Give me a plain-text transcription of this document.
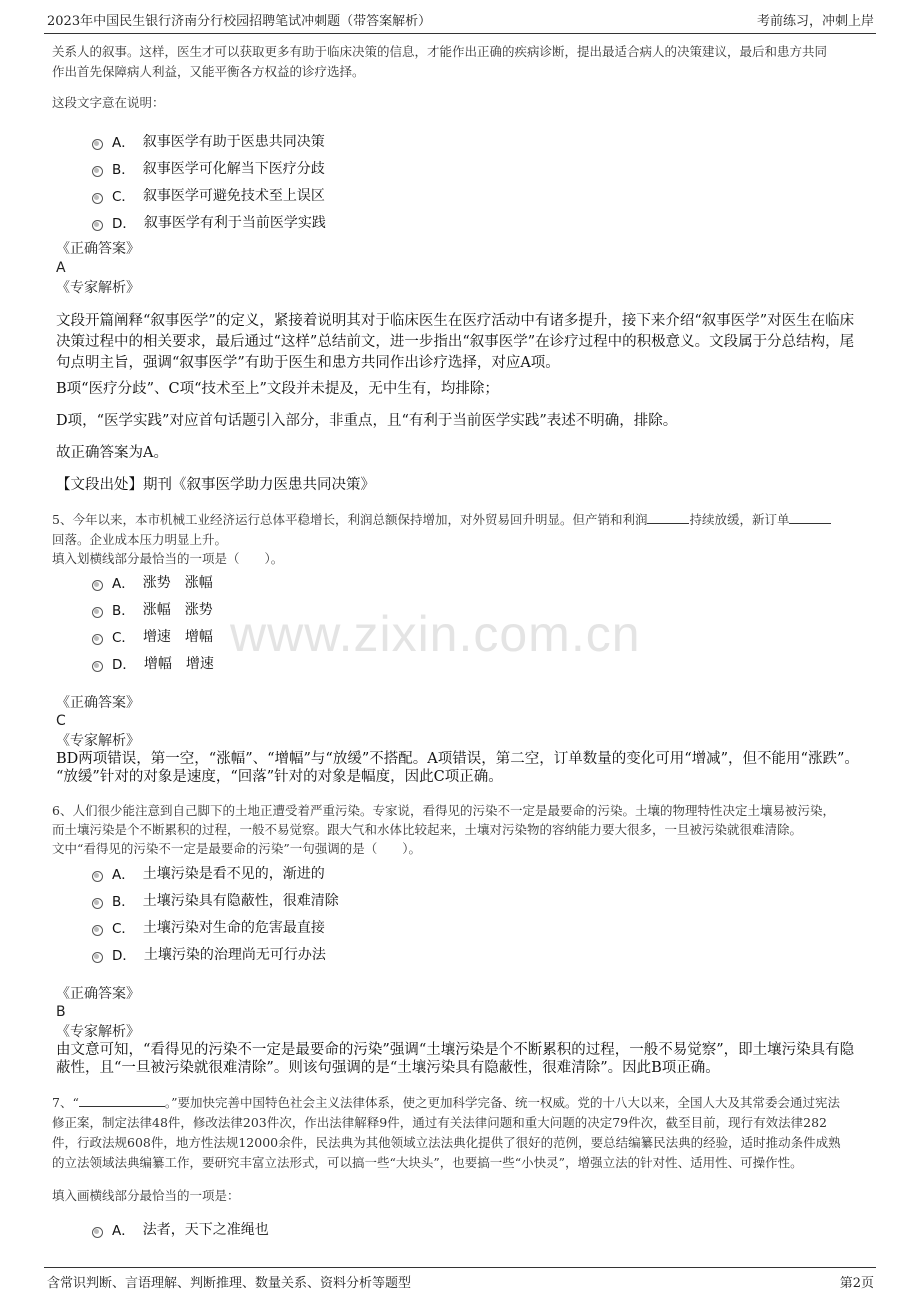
2023年中国民生银行济南分行校园招聘笔试冲刺题（带答案解析）	考前练习，冲刺上岸
www.zixin.com.cn
关系人的叙事。这样，医生才可以获取更多有助于临床决策的信息，才能作出正确的疾病诊断，提出最适合病人的决策建议，最后和患方共同
作出首先保障病人利益，又能平衡各方权益的诊疗选择。
这段文字意在说明：
A． 叙事医学有助于医患共同决策
B． 叙事医学可化解当下医疗分歧
C． 叙事医学可避免技术至上误区
D． 叙事医学有利于当前医学实践
《正确答案》
A
《专家解析》
文段开篇阐释“叙事医学”的定义，紧接着说明其对于临床医生在医疗活动中有诸多提升，接下来介绍“叙事医学”对医生在临床
决策过程中的相关要求，最后通过“这样”总结前文，进一步指出“叙事医学”在诊疗过程中的积极意义。文段属于分总结构，尾
句点明主旨，强调“叙事医学”有助于医生和患方共同作出诊疗选择，对应A项。
B项“医疗分歧”、C项“技术至上”文段并未提及，无中生有，均排除；
D项，“医学实践”对应首句话题引入部分，非重点，且“有利于当前医学实践”表述不明确，排除。
故正确答案为A。
【文段出处】期刊《叙事医学助力医患共同决策》
5、今年以来，本市机械工业经济运行总体平稳增长，利润总额保持增加，对外贸易回升明显。但产销和利润	持续放缓，新订单
回落。企业成本压力明显上升。
填入划横线部分最恰当的一项是（　　）。
A． 涨势　涨幅
B． 涨幅　涨势
C． 增速　增幅
D． 增幅　增速
《正确答案》
C
《专家解析》
BD两项错误，第一空，“涨幅”、“增幅”与“放缓”不搭配。A项错误，第二空，订单数量的变化可用“增减”，但不能用“涨跌”。
“放缓”针对的对象是速度，“回落”针对的对象是幅度，因此C项正确。
6、人们很少能注意到自己脚下的土地正遭受着严重污染。专家说，看得见的污染不一定是最要命的污染。土壤的物理特性决定土壤易被污染，
而土壤污染是个不断累积的过程，一般不易觉察。跟大气和水体比较起来，土壤对污染物的容纳能力要大很多，一旦被污染就很难清除。
文中“看得见的污染不一定是最要命的污染”一句强调的是（　　）。
A． 土壤污染是看不见的，渐进的
B． 土壤污染具有隐蔽性，很难清除
C． 土壤污染对生命的危害最直接
D． 土壤污染的治理尚无可行办法
《正确答案》
B
《专家解析》
由文意可知，“看得见的污染不一定是最要命的污染”强调“土壤污染是个不断累积的过程，一般不易觉察”，即土壤污染具有隐
蔽性，且“一旦被污染就很难清除”。则该句强调的是“土壤污染具有隐蔽性，很难清除”。因此B项正确。
7、“	。”要加快完善中国特色社会主义法律体系，使之更加科学完备、统一权威。党的十八大以来，全国人大及其常委会通过宪法
修正案，制定法律48件，修改法律203件次，作出法律解释9件，通过有关法律问题和重大问题的决定79件次，截至目前，现行有效法律282
件，行政法规608件，地方性法规12000余件，民法典为其他领域立法法典化提供了很好的范例，要总结编纂民法典的经验，适时推动条件成熟
的立法领域法典编纂工作，要研究丰富立法形式，可以搞一些“大块头”，也要搞一些“小快灵”，增强立法的针对性、适用性、可操作性。
填入画横线部分最恰当的一项是：
A． 法者，天下之准绳也
含常识判断、言语理解、判断推理、数量关系、资料分析等题型	第2页
